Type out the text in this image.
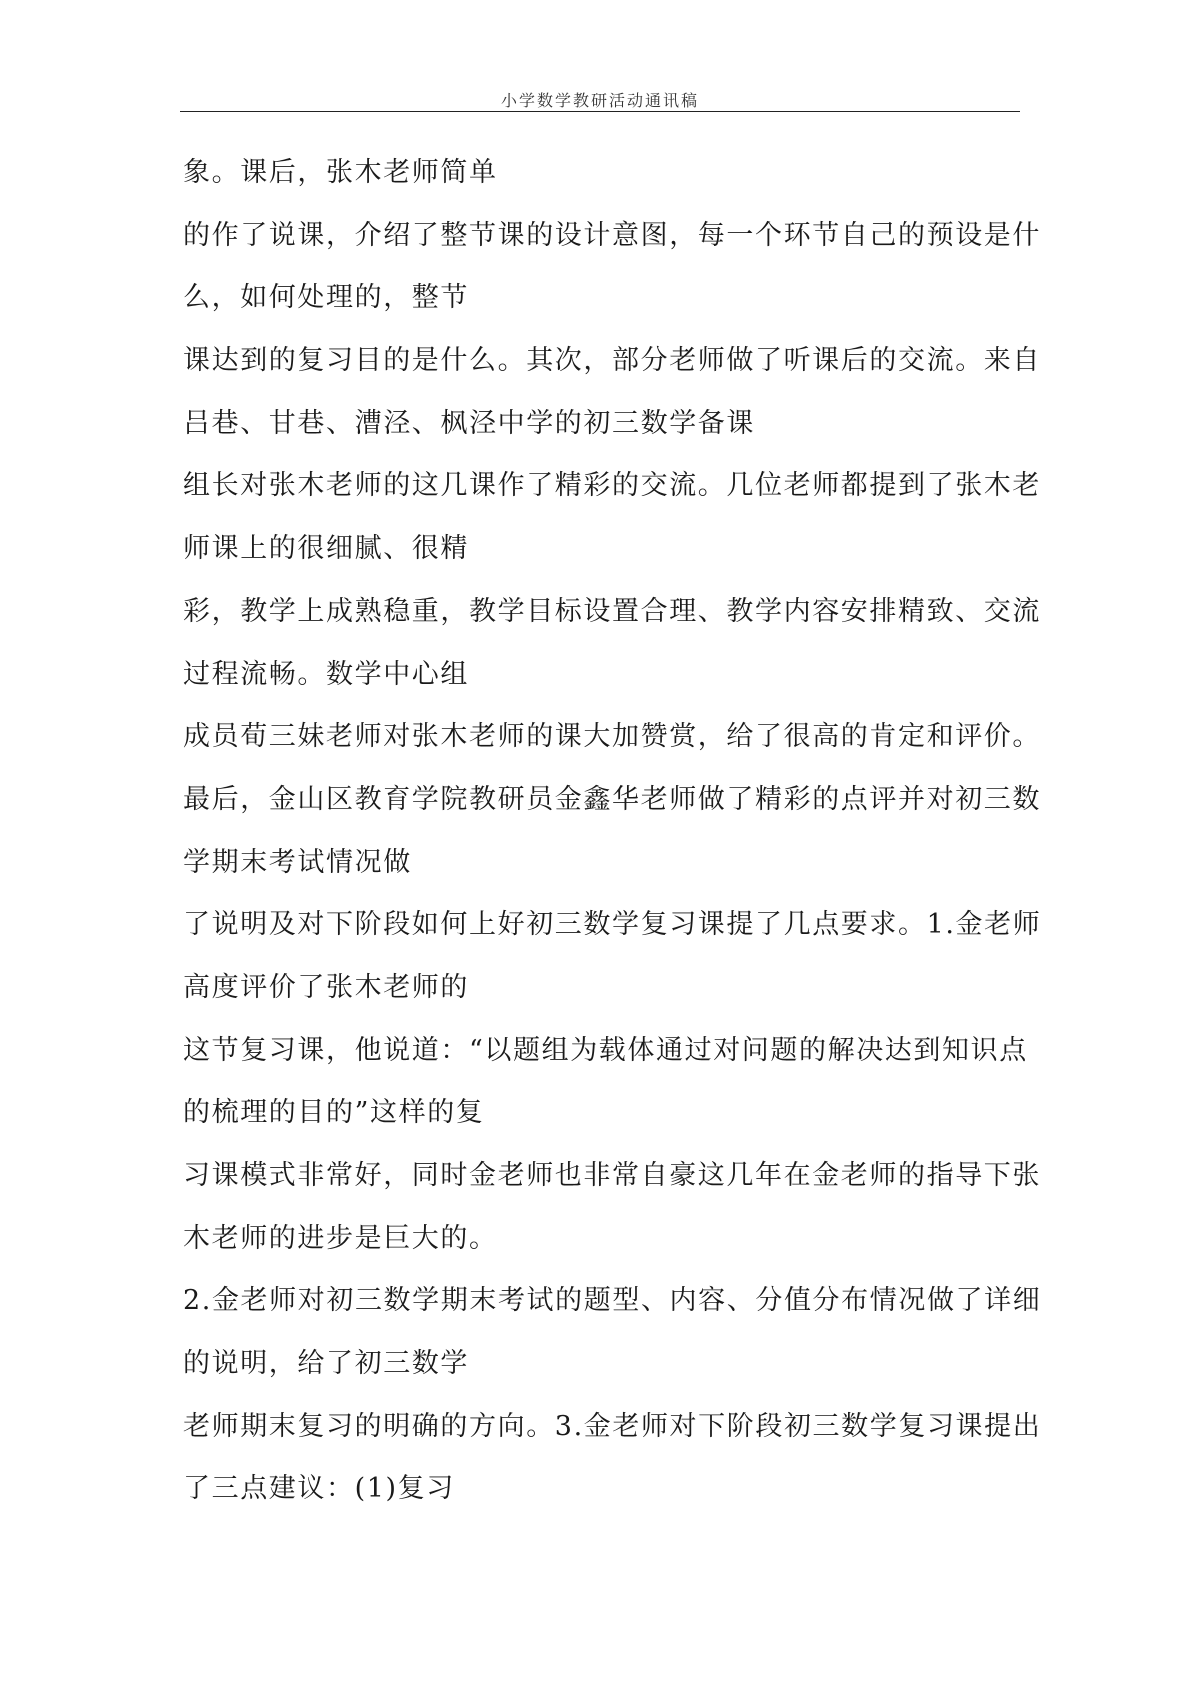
小学数学教研活动通讯稿
象。课后，张木老师简单
的作了说课，介绍了整节课的设计意图，每一个环节自己的预设是什
么，如何处理的，整节
课达到的复习目的是什么。其次，部分老师做了听课后的交流。来自
吕巷、甘巷、漕泾、枫泾中学的初三数学备课
组长对张木老师的这几课作了精彩的交流。几位老师都提到了张木老
师课上的很细腻、很精
彩，教学上成熟稳重，教学目标设置合理、教学内容安排精致、交流
过程流畅。数学中心组
成员荀三妹老师对张木老师的课大加赞赏，给了很高的肯定和评价。
最后，金山区教育学院教研员金鑫华老师做了精彩的点评并对初三数
学期末考试情况做
了说明及对下阶段如何上好初三数学复习课提了几点要求。1.金老师
高度评价了张木老师的
这节复习课，他说道：“以题组为载体通过对问题的解决达到知识点
的梳理的目的”这样的复
习课模式非常好，同时金老师也非常自豪这几年在金老师的指导下张
木老师的进步是巨大的。
2.金老师对初三数学期末考试的题型、内容、分值分布情况做了详细
的说明，给了初三数学
老师期末复习的明确的方向。3.金老师对下阶段初三数学复习课提出
了三点建议：(1)复习
